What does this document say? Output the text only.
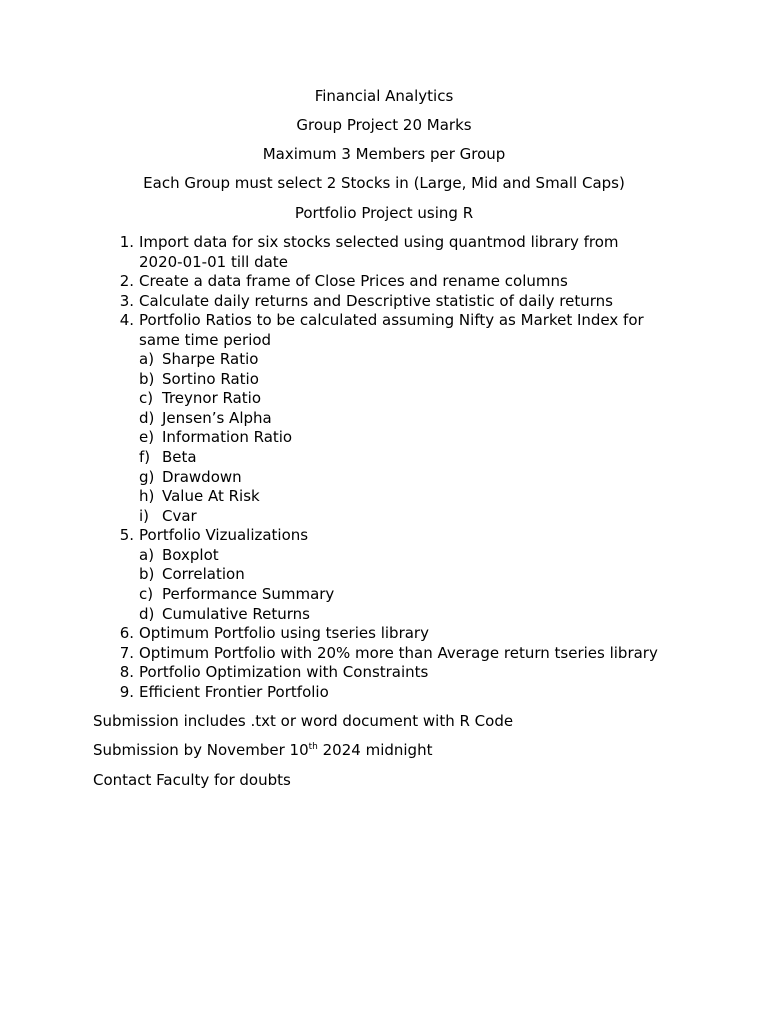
Financial Analytics
Group Project 20 Marks
Maximum 3 Members per Group
Each Group must select 2 Stocks in (Large, Mid and Small Caps)
Portfolio Project using R
1. Import data for six stocks selected using quantmod library from
2020-01-01 till date
2. Create a data frame of Close Prices and rename columns
3. Calculate daily returns and Descriptive statistic of daily returns
4. Portfolio Ratios to be calculated assuming Nifty as Market Index for
same time period
a) Sharpe Ratio
b) Sortino Ratio
c) Treynor Ratio
d) Jensen’s Alpha
e) Information Ratio
f) Beta
g) Drawdown
h) Value At Risk
i) Cvar
5. Portfolio Vizualizations
a) Boxplot
b) Correlation
c) Performance Summary
d) Cumulative Returns
6. Optimum Portfolio using tseries library
7. Optimum Portfolio with 20% more than Average return tseries library
8. Portfolio Optimization with Constraints
9. Efficient Frontier Portfolio
Submission includes .txt or word document with R Code
Submission by November 10th 2024 midnight
Contact Faculty for doubts
